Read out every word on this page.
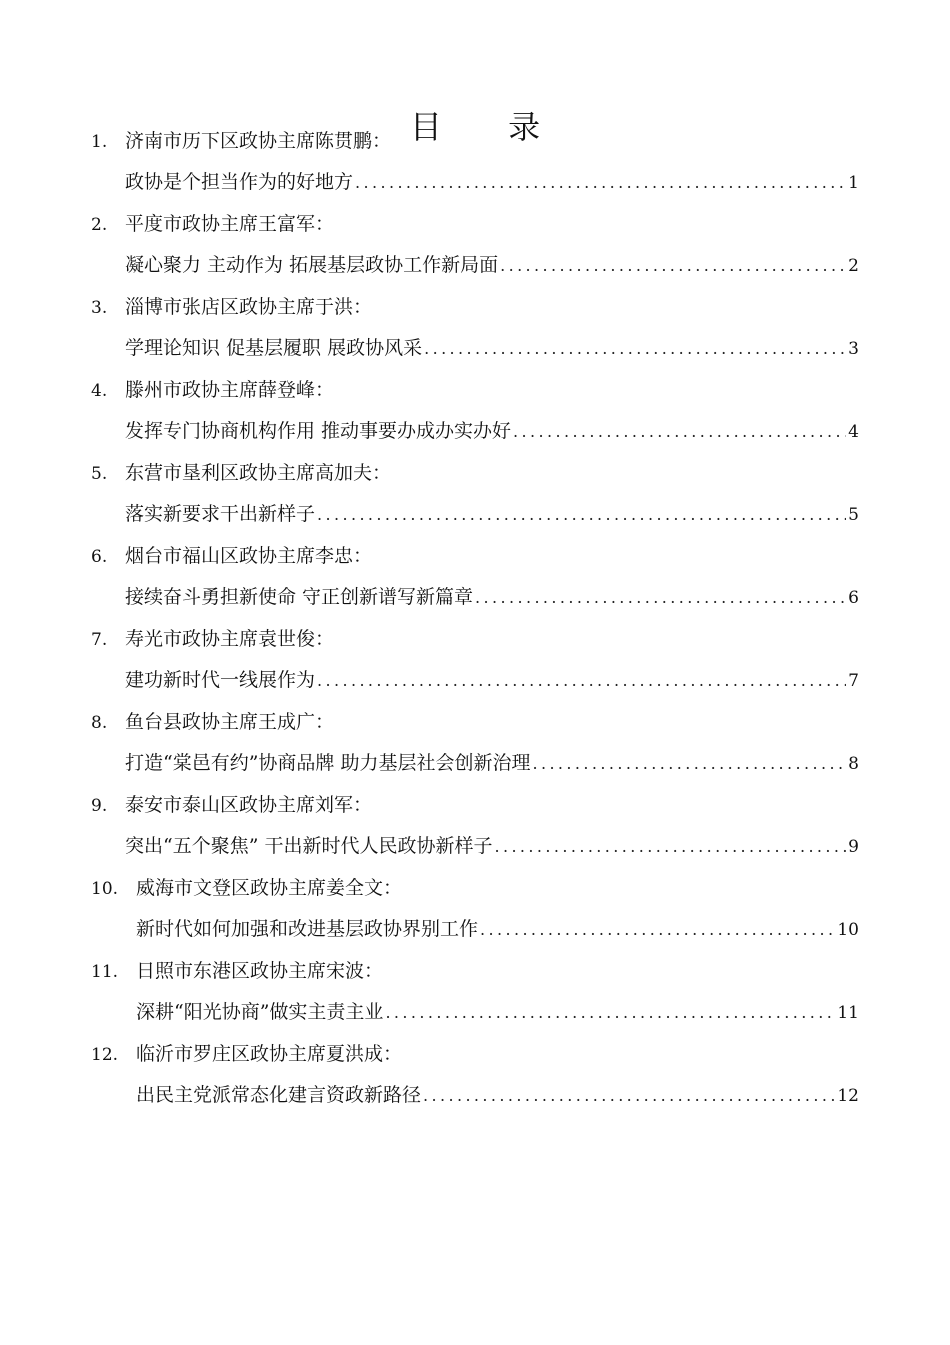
目 录
1. 济南市历下区政协主席陈贯鹏：
政协是个担当作为的好地方 .....	1
2. 平度市政协主席王富军：
凝心聚力 主动作为 拓展基层政协工作新局面 .....	2
3. 淄博市张店区政协主席于洪：
学理论知识 促基层履职 展政协风采 .....	3
4. 滕州市政协主席薛登峰：
发挥专门协商机构作用 推动事要办成办实办好 .....	4
5. 东营市垦利区政协主席高加夫：
落实新要求干出新样子 .....	5
6. 烟台市福山区政协主席李忠：
接续奋斗勇担新使命 守正创新谱写新篇章 .....	6
7. 寿光市政协主席袁世俊：
建功新时代一线展作为 .....	7
8. 鱼台县政协主席王成广：
打造“棠邑有约”协商品牌 助力基层社会创新治理 .....	8
9. 泰安市泰山区政协主席刘军：
突出“五个聚焦” 干出新时代人民政协新样子 .....	9
10. 威海市文登区政协主席姜全文：
新时代如何加强和改进基层政协界别工作 .....	10
11. 日照市东港区政协主席宋波：
深耕“阳光协商”做实主责主业 .....	11
12. 临沂市罗庄区政协主席夏洪成：
出民主党派常态化建言资政新路径 .....	12
